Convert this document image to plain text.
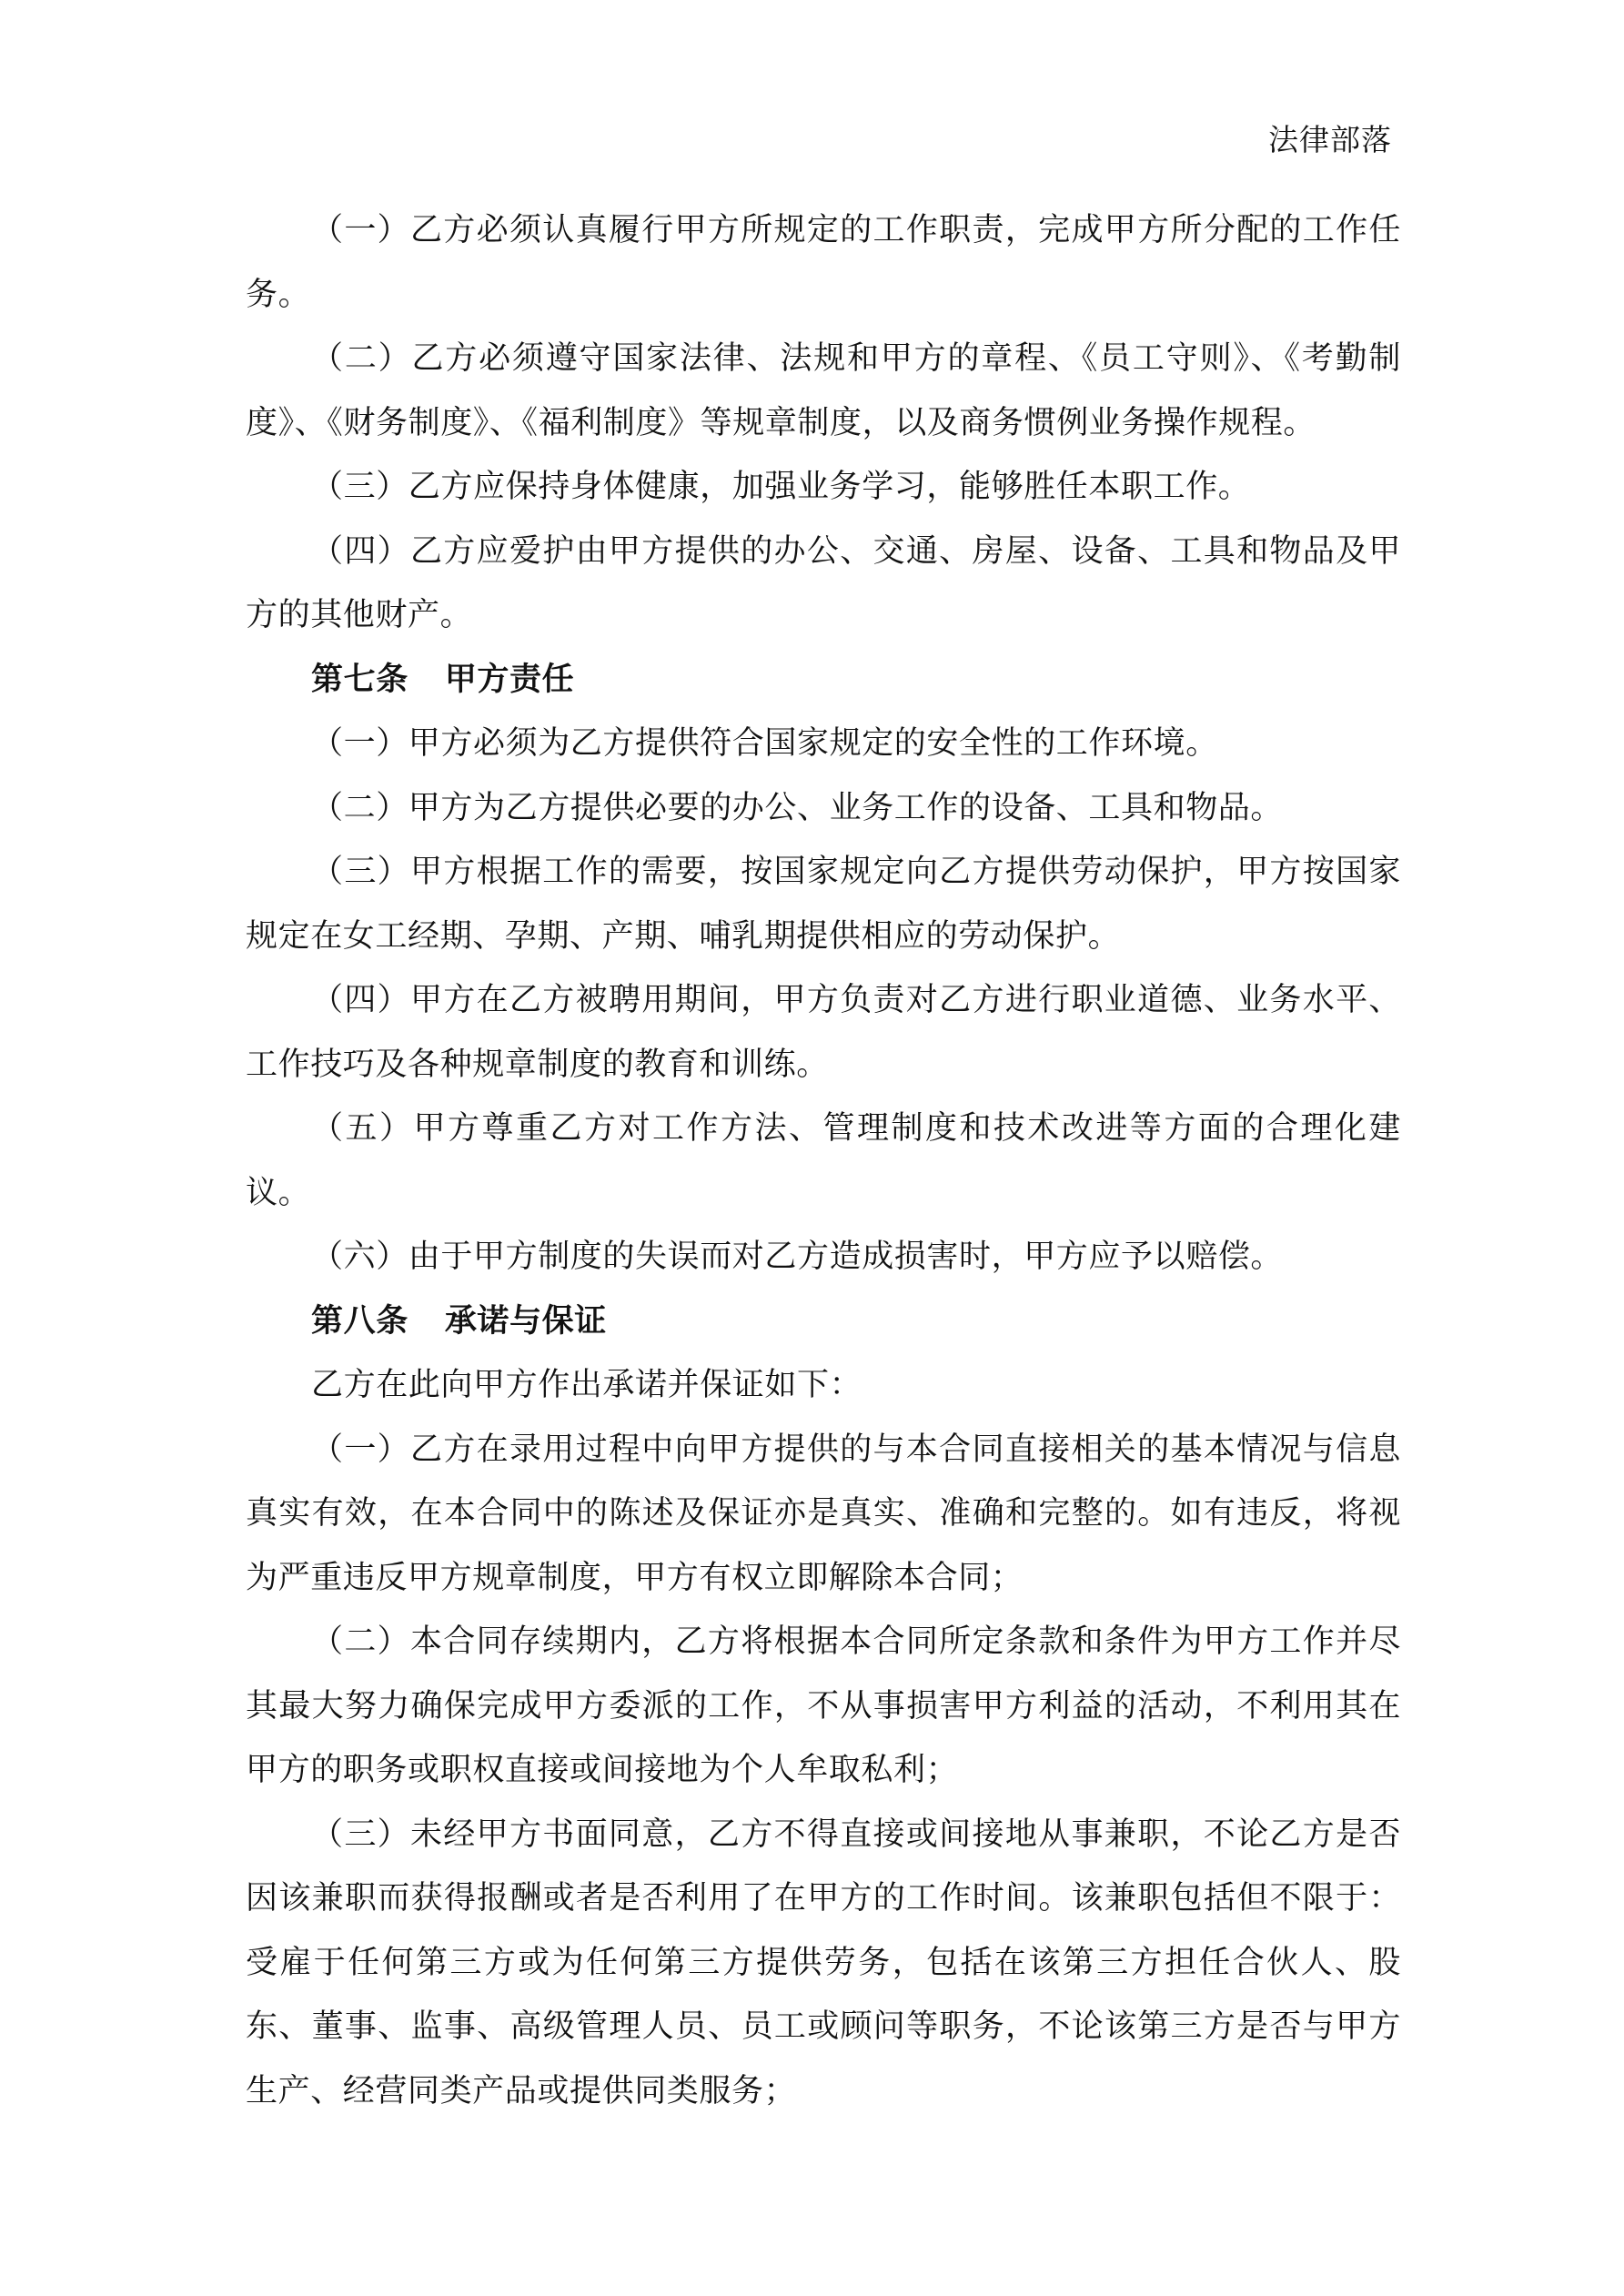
法律部落

（一）乙方必须认真履行甲方所规定的工作职责，完成甲方所分配的工作任务。

（二）乙方必须遵守国家法律、法规和甲方的章程、《员工守则》、《考勤制度》、《财务制度》、《福利制度》等规章制度，以及商务惯例业务操作规程。

（三）乙方应保持身体健康，加强业务学习，能够胜任本职工作。

（四）乙方应爱护由甲方提供的办公、交通、房屋、设备、工具和物品及甲方的其他财产。

第七条 甲方责任

（一）甲方必须为乙方提供符合国家规定的安全性的工作环境。

（二）甲方为乙方提供必要的办公、业务工作的设备、工具和物品。

（三）甲方根据工作的需要，按国家规定向乙方提供劳动保护，甲方按国家规定在女工经期、孕期、产期、哺乳期提供相应的劳动保护。

（四）甲方在乙方被聘用期间，甲方负责对乙方进行职业道德、业务水平、工作技巧及各种规章制度的教育和训练。

（五）甲方尊重乙方对工作方法、管理制度和技术改进等方面的合理化建议。

（六）由于甲方制度的失误而对乙方造成损害时，甲方应予以赔偿。

第八条 承诺与保证

乙方在此向甲方作出承诺并保证如下：

（一）乙方在录用过程中向甲方提供的与本合同直接相关的基本情况与信息真实有效，在本合同中的陈述及保证亦是真实、准确和完整的。如有违反，将视为严重违反甲方规章制度，甲方有权立即解除本合同；

（二）本合同存续期内，乙方将根据本合同所定条款和条件为甲方工作并尽其最大努力确保完成甲方委派的工作，不从事损害甲方利益的活动，不利用其在甲方的职务或职权直接或间接地为个人牟取私利；

（三）未经甲方书面同意，乙方不得直接或间接地从事兼职，不论乙方是否因该兼职而获得报酬或者是否利用了在甲方的工作时间。该兼职包括但不限于：受雇于任何第三方或为任何第三方提供劳务，包括在该第三方担任合伙人、股东、董事、监事、高级管理人员、员工或顾问等职务，不论该第三方是否与甲方生产、经营同类产品或提供同类服务；
